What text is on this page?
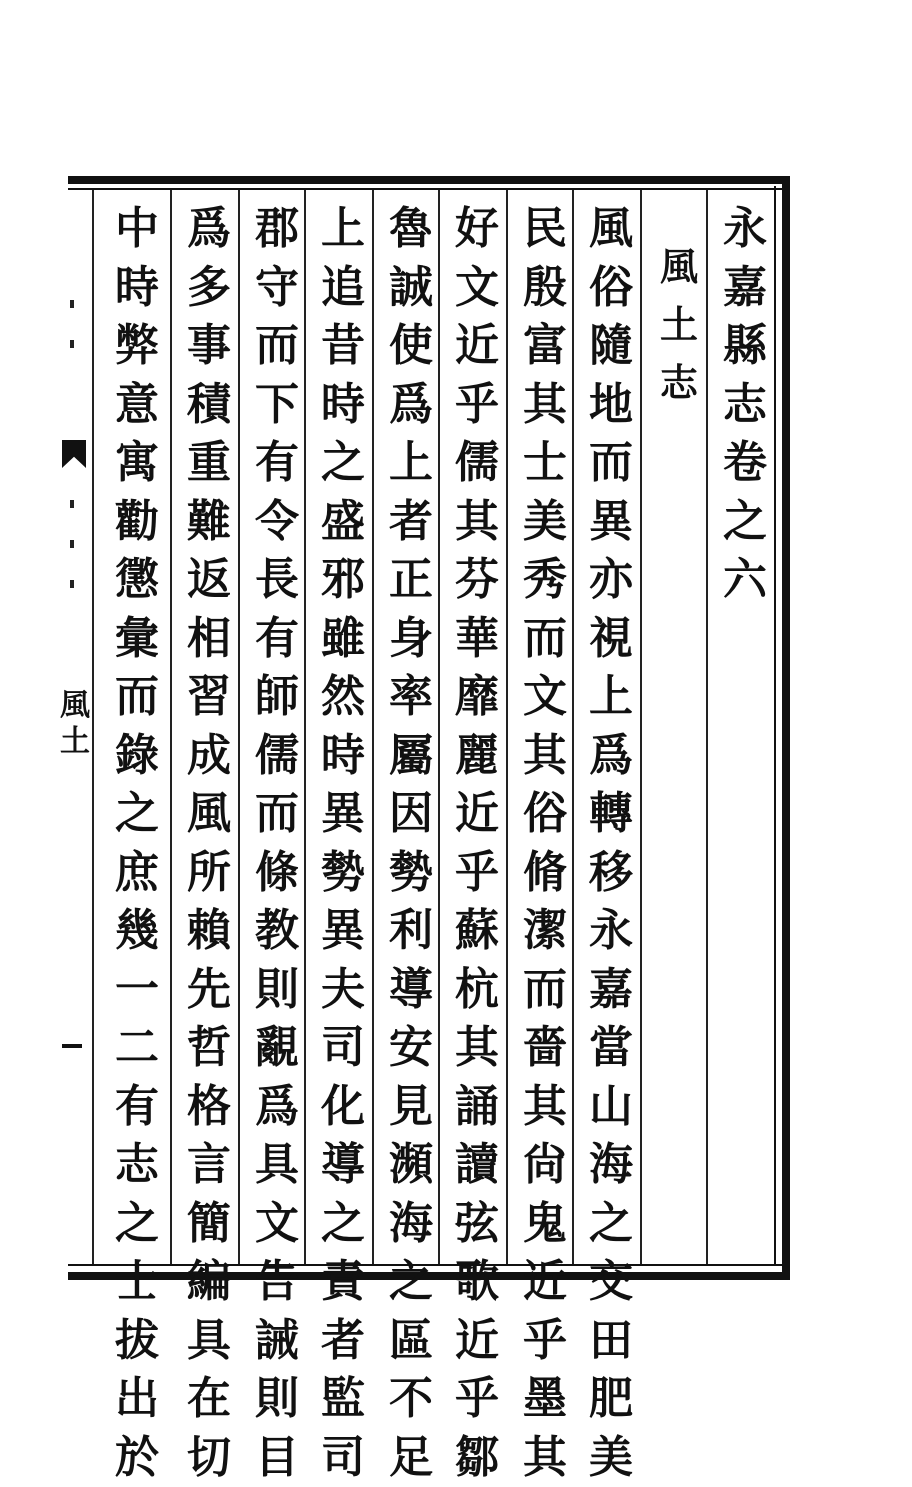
永
嘉
縣
志
卷
之
六
風
土
志
風
俗
隨
地
而
異
亦
視
上
爲
轉
移
永
嘉
當
山
海
之
交
田
肥
美
民
殷
富
其
士
美
秀
而
文
其
俗
脩
潔
而
嗇
其
尙
鬼
近
乎
墨
其
好
文
近
乎
儒
其
芬
華
靡
麗
近
乎
蘇
杭
其
誦
讀
弦
歌
近
乎
鄒
魯
誠
使
爲
上
者
正
身
率
屬
因
勢
利
導
安
見
瀕
海
之
區
不
足
上
追
昔
時
之
盛
邪
雖
然
時
異
勢
異
夫
司
化
導
之
責
者
監
司
郡
守
而
下
有
令
長
有
師
儒
而
條
教
則
覶
爲
具
文
告
誡
則
目
爲
多
事
積
重
難
返
相
習
成
風
所
賴
先
哲
格
言
簡
編
具
在
切
中
時
弊
意
寓
勸
懲
彙
而
錄
之
庶
幾
一
二
有
志
之
士
拔
出
於
風
土
